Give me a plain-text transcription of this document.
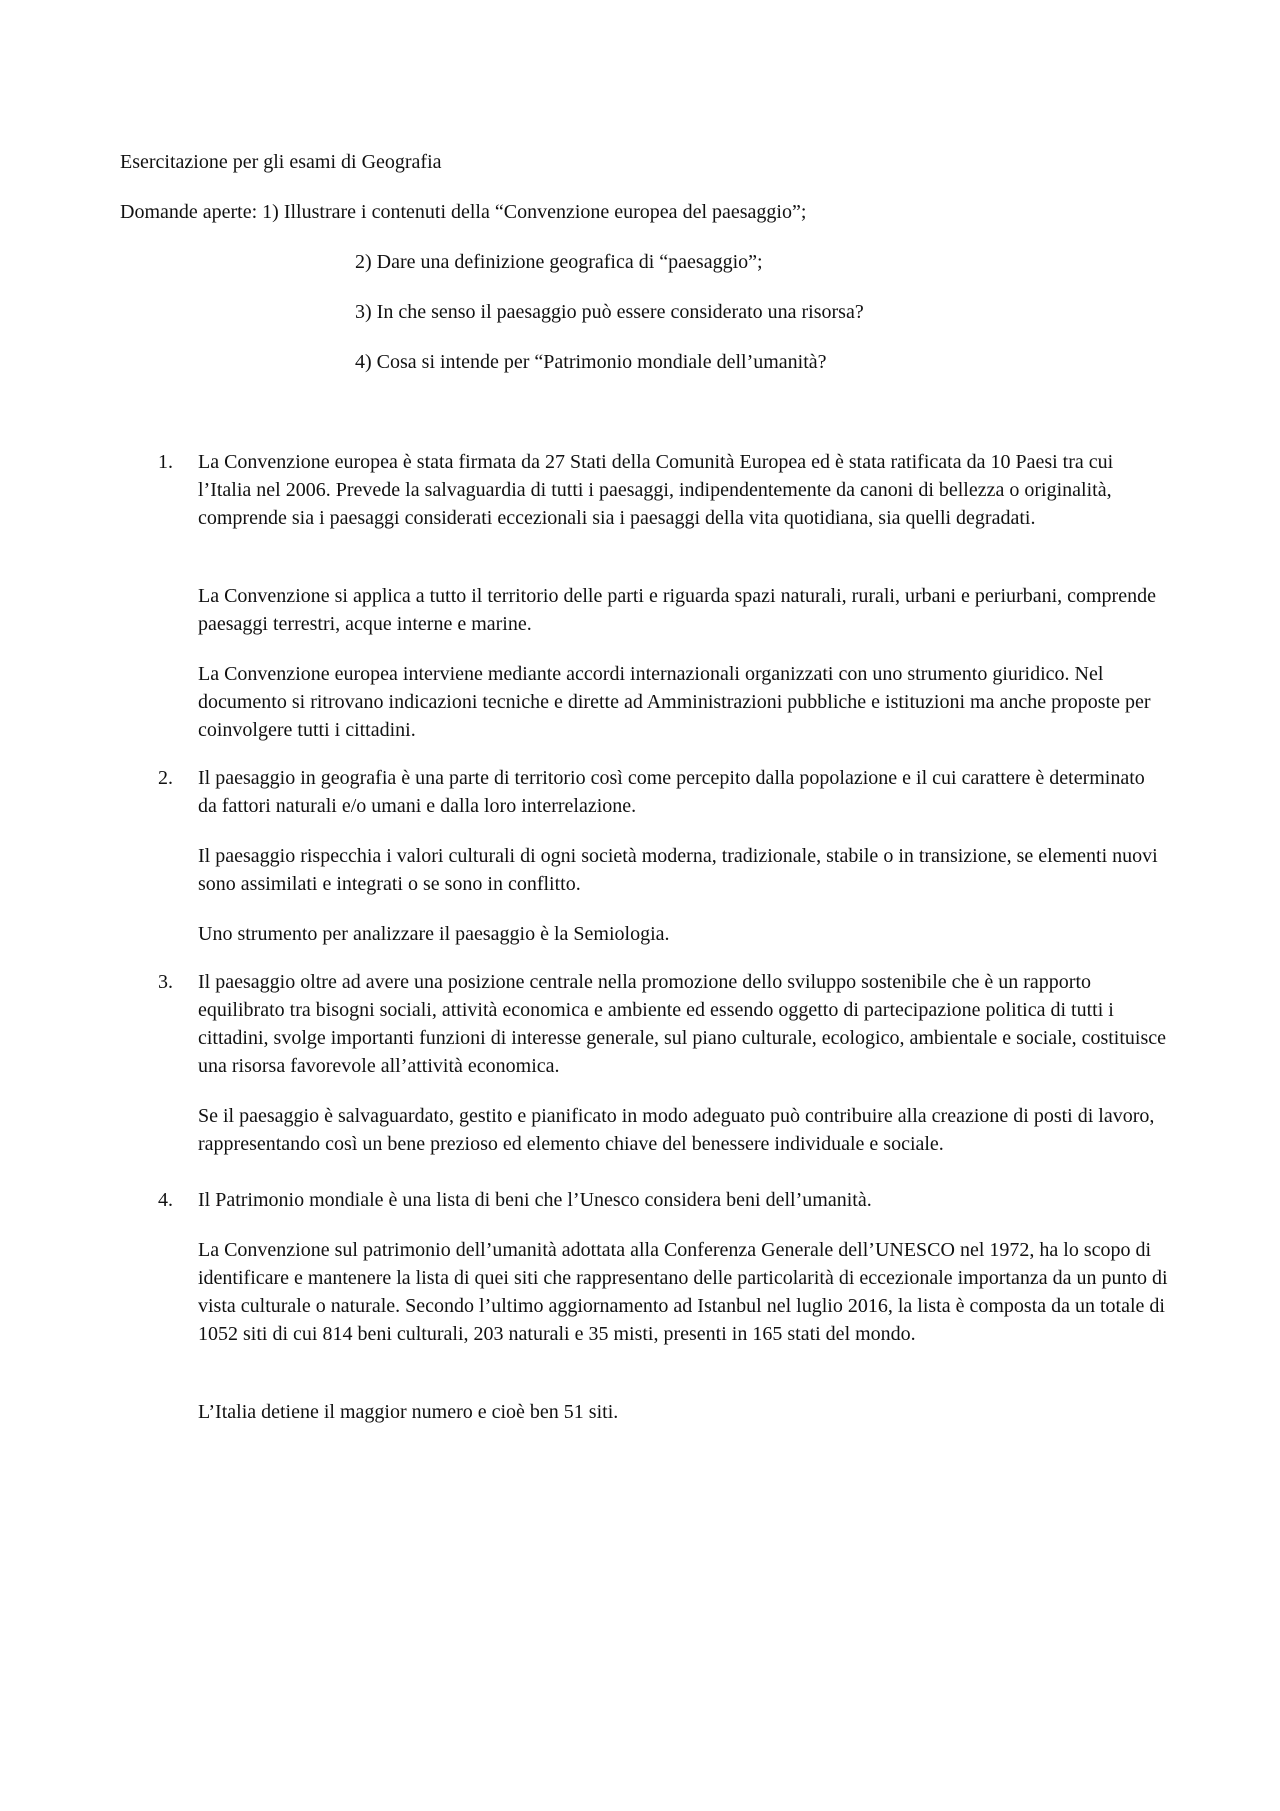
Esercitazione per gli esami di Geografia
Domande aperte: 1) Illustrare i contenuti della “Convenzione europea del paesaggio”;
2) Dare una definizione geografica di “paesaggio”;
3) In che senso il paesaggio può essere considerato una risorsa?
4) Cosa si intende per “Patrimonio mondiale dell’umanità?
1.	La Convenzione europea è stata firmata da 27 Stati della Comunità Europea ed è stata ratificata da 10 Paesi tra cui l’Italia nel 2006. Prevede la salvaguardia di tutti i paesaggi, indipendentemente da canoni di bellezza o originalità, comprende sia i paesaggi considerati eccezionali sia i paesaggi della vita quotidiana, sia quelli degradati.
La Convenzione si applica a tutto il territorio delle parti e riguarda spazi naturali, rurali, urbani e periurbani, comprende paesaggi terrestri, acque interne e marine.
La Convenzione europea interviene mediante accordi internazionali organizzati con uno strumento giuridico. Nel documento si ritrovano indicazioni tecniche e dirette ad Amministrazioni pubbliche e istituzioni ma anche proposte per coinvolgere tutti i cittadini.
2.	Il paesaggio in geografia è una parte di territorio così come percepito dalla popolazione e il cui carattere è determinato da fattori naturali e/o umani e dalla loro interrelazione.
Il paesaggio rispecchia i valori culturali di ogni società moderna, tradizionale, stabile o in transizione, se elementi nuovi sono assimilati e integrati o se sono in conflitto.
Uno strumento per analizzare il paesaggio è la Semiologia.
3.	Il paesaggio oltre ad avere una posizione centrale nella promozione dello sviluppo sostenibile che è un rapporto equilibrato tra bisogni sociali, attività economica e ambiente ed essendo oggetto di partecipazione politica di tutti i cittadini, svolge importanti funzioni di interesse generale, sul piano culturale, ecologico, ambientale e sociale, costituisce una risorsa favorevole all’attività economica.
Se il paesaggio è salvaguardato, gestito e pianificato in modo adeguato può contribuire alla creazione di posti di lavoro, rappresentando così un bene prezioso ed elemento chiave del benessere individuale e sociale.
4.	Il Patrimonio mondiale è una lista di beni che l’Unesco considera beni dell’umanità.
La Convenzione sul patrimonio dell’umanità adottata alla Conferenza Generale dell’UNESCO nel 1972, ha lo scopo di identificare e mantenere la lista di quei siti che rappresentano delle particolarità di eccezionale importanza da un punto di vista culturale o naturale. Secondo l’ultimo aggiornamento ad Istanbul nel luglio 2016, la lista è composta da un totale di 1052 siti di cui 814 beni culturali, 203 naturali e 35 misti, presenti in 165 stati del mondo.
L’Italia detiene il maggior numero e cioè ben 51 siti.
